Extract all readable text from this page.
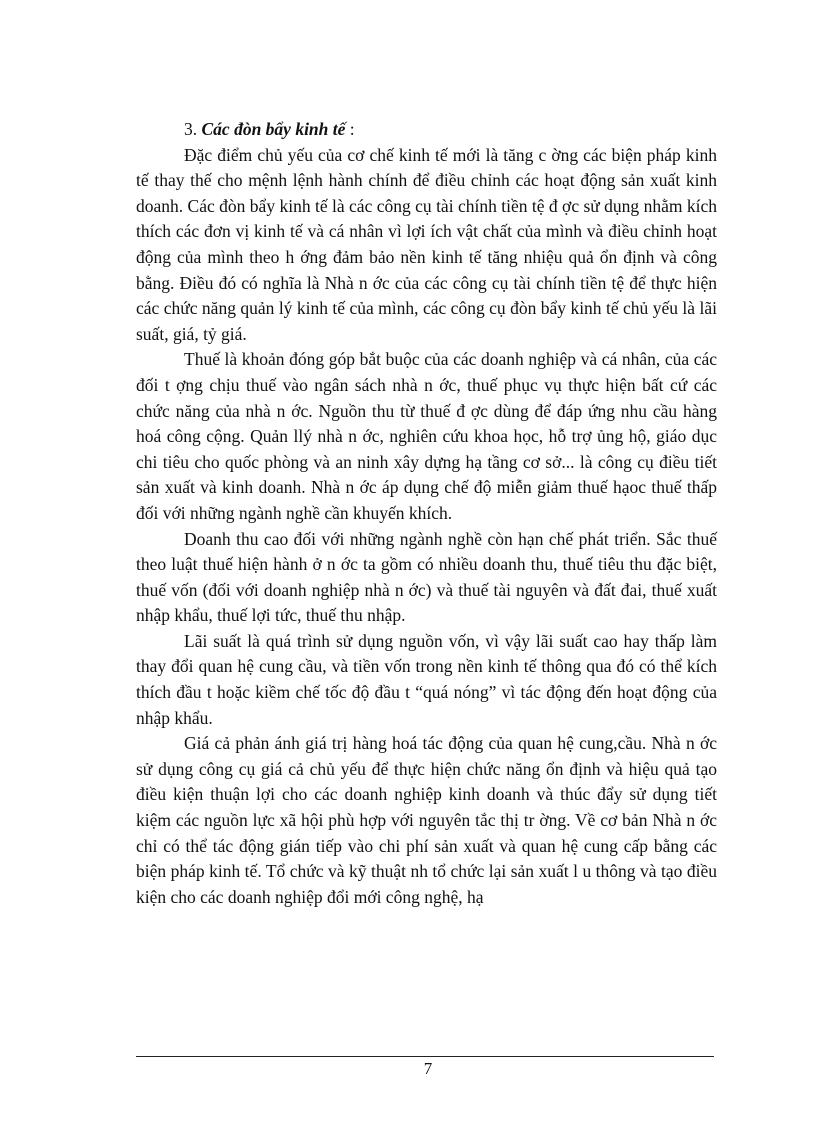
3. Các đòn bẩy kinh tế :

Đặc điểm chủ yếu của cơ chế kinh tế mới là tăng c ờng các biện pháp kinh tế thay thế cho mệnh lệnh hành chính để điều chỉnh các hoạt động sản xuất kinh doanh. Các đòn bẩy kinh tế là các công cụ tài chính tiền tệ đ ợc sử dụng nhằm kích thích các đơn vị kinh tế và cá nhân vì lợi ích vật chất của mình và điều chỉnh hoạt động của mình theo h ớng đảm bảo nền kinh tế tăng nhiệu quả ổn định và công bằng. Điều đó có nghĩa là Nhà n ớc của các công cụ tài chính tiền tệ để thực hiện các chức năng quản lý kinh tế của mình, các công cụ đòn bẩy kinh tế chủ yếu là lãi suất, giá, tỷ giá.

Thuế là khoản đóng góp bắt buộc của các doanh nghiệp và cá nhân, của các đối t ợng chịu thuế vào ngân sách nhà n ớc, thuế phục vụ thực hiện bất cứ các chức năng của nhà n ớc. Nguồn thu từ thuế đ ợc dùng để đáp ứng nhu cầu hàng hoá công cộng. Quản llý nhà n ớc, nghiên cứu khoa học, hỗ trợ ủng hộ, giáo dục chi tiêu cho quốc phòng và an ninh xây dựng hạ tầng cơ sở... là công cụ điều tiết sản xuất và kinh doanh. Nhà n ớc áp dụng chế độ miễn giảm thuế hạoc thuế thấp đối với những ngành nghề cần khuyến khích.

Doanh thu cao đối với những ngành nghề còn hạn chế phát triển. Sắc thuế theo luật thuế hiện hành ở n ớc ta gồm có nhiều doanh thu, thuế tiêu thu đặc biệt, thuế vốn (đối với doanh nghiệp nhà n ớc) và thuế tài nguyên và đất đai, thuế xuất nhập khẩu, thuế lợi tức, thuế thu nhập.

Lãi suất là quá trình sử dụng nguồn vốn, vì vậy lãi suất cao hay thấp làm thay đổi quan hệ cung cầu, và tiền vốn trong nền kinh tế thông qua đó có thể kích thích đầu t hoặc kiềm chế tốc độ đầu t “quá nóng” vì tác động đến hoạt động của nhập khẩu.

Giá cả phản ánh giá trị hàng hoá tác động của quan hệ cung,cầu. Nhà n ớc sử dụng công cụ giá cả chủ yếu để thực hiện chức năng ổn định và hiệu quả tạo điều kiện thuận lợi cho các doanh nghiệp kinh doanh và thúc đẩy sử dụng tiết kiệm các nguồn lực xã hội phù hợp với nguyên tắc thị tr ờng. Về cơ bản Nhà n ớc chỉ có thể tác động gián tiếp vào chi phí sản xuất và quan hệ cung cấp bằng các biện pháp kinh tế. Tổ chức và kỹ thuật nh tổ chức lại sản xuất l u thông và tạo điều kiện cho các doanh nghiệp đổi mới công nghệ, hạ

7
